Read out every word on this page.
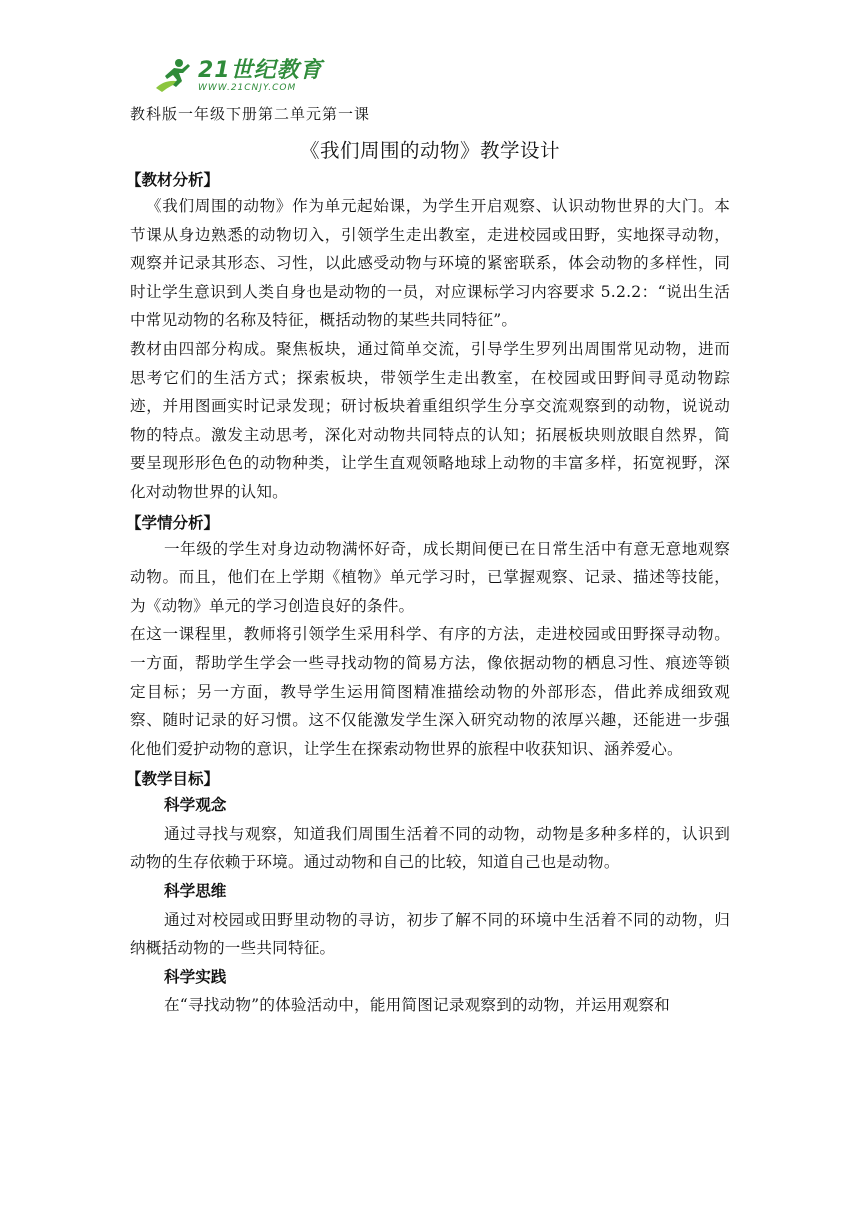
21世纪教育
WWW.21CNJY.COM
教科版一年级下册第二单元第一课
《我们周围的动物》教学设计
【教材分析】

《我们周围的动物》作为单元起始课，为学生开启观察、认识动物世界的大门。本节课从身边熟悉的动物切入，引领学生走出教室，走进校园或田野，实地探寻动物，观察并记录其形态、习性，以此感受动物与环境的紧密联系，体会动物的多样性，同时让学生意识到人类自身也是动物的一员，对应课标学习内容要求 5.2.2：“说出生活中常见动物的名称及特征，概括动物的某些共同特征”。

教材由四部分构成。聚焦板块，通过简单交流，引导学生罗列出周围常见动物，进而思考它们的生活方式；探索板块，带领学生走出教室，在校园或田野间寻觅动物踪迹，并用图画实时记录发现；研讨板块着重组织学生分享交流观察到的动物，说说动物的特点。激发主动思考，深化对动物共同特点的认知；拓展板块则放眼自然界，简要呈现形形色色的动物种类，让学生直观领略地球上动物的丰富多样，拓宽视野，深化对动物世界的认知。

【学情分析】

一年级的学生对身边动物满怀好奇，成长期间便已在日常生活中有意无意地观察动物。而且，他们在上学期《植物》单元学习时，已掌握观察、记录、描述等技能，为《动物》单元的学习创造良好的条件。

在这一课程里，教师将引领学生采用科学、有序的方法，走进校园或田野探寻动物。一方面，帮助学生学会一些寻找动物的简易方法，像依据动物的栖息习性、痕迹等锁定目标；另一方面，教导学生运用简图精准描绘动物的外部形态，借此养成细致观察、随时记录的好习惯。这不仅能激发学生深入研究动物的浓厚兴趣，还能进一步强化他们爱护动物的意识，让学生在探索动物世界的旅程中收获知识、涵养爱心。

【教学目标】
科学观念

通过寻找与观察，知道我们周围生活着不同的动物，动物是多种多样的，认识到动物的生存依赖于环境。通过动物和自己的比较，知道自己也是动物。

科学思维

通过对校园或田野里动物的寻访，初步了解不同的环境中生活着不同的动物，归纳概括动物的一些共同特征。

科学实践

在“寻找动物”的体验活动中，能用简图记录观察到的动物，并运用观察和
